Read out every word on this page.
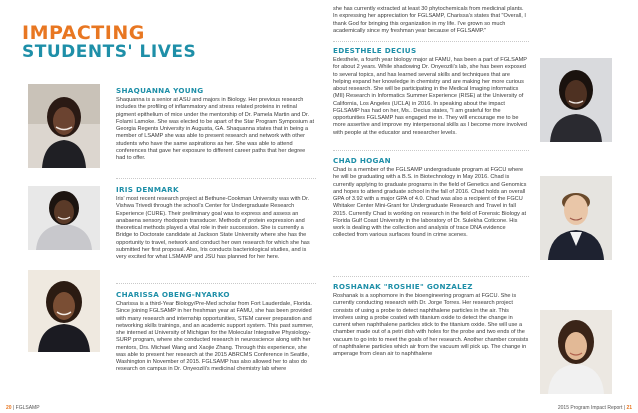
IMPACTING
STUDENTS' LIVES
SHAQUANNA YOUNG

Shaquanna is a senior at ASU and majors in Biology. Her previous research includes the profiling of inflammatory and stress related proteins in retinal pigment epithelium of mice under the mentorship of Dr. Pamela Martin and Dr. Folami Lamoke. She was elected to be apart of the Star Program Symposium at Georgia Regents University in Augusta, GA. Shaquanna states that in being a member of LSAMP she was able to present research and network with other students who have the same aspirations as her. She was able to attend conferences that gave her exposure to different career paths that her degree had to offer.

IRIS DENMARK

Iris' most recent research project at Bethune-Cookman University was with Dr. Vishwa Trivedi through the school's Center for Undergraduate Research Experience (CURE). Their preliminary goal was to express and assess an anabaena sensory rhodopsin transducer. Methods of protein expression and theoretical methods played a vital role in their succession. She is currently a Bridge to Doctorate candidate at Jackson State University where she has the opportunity to travel, network and conduct her own research for which she has submitted her first proposal. Also, Iris conducts bacteriological studies, and is very excited for what LSMAMP and JSU has planned for her here.

CHARISSA OBENG-NYARKO

Charissa is a third-Year Biology/Pre-Med scholar from Fort Lauderdale, Florida. Since joining FGLSAMP in her freshman year at FAMU, she has been provided with many research and internship opportunities, STEM career preparation and networking skills trainings, and an academic support system. This past summer, she interned at University of Michigan for the Molecular Integrative Physiology-SURP program, where she conducted research in neuroscience along with her mentors, Drs. Michael Wang and Xaojie Zhang. Through this experience, she was able to present her research at the 2015 ABRCMS Conference in Seattle, Washington in November of 2015. FGLSAMP has also allowed her to also do research on campus in Dr. Onyeozili's medicinal chemistry lab where

she has currently extracted at least 30 phytochemicals from medicinal plants. In expressing her appreciation for FGLSAMP, Charissa's states that "Overall, I thank God for bringing this organization in my life. I've grown so much academically since my freshman year because of FGLSAMP."

EDESTHELE DECIUS

Edesthele, a fourth year biology major at FAMU, has been a part of FGLSAMP for about 2 years. While shadowing Dr. Onyeozili's lab, she has been exposed to several topics, and has learned several skills and techniques that are helping expand her knowledge in chemistry and are making her more curious about research. She will be participating in the Medical Imaging informatics (MII) Research in Informatics Summer Experience (RISE) at the University of California, Los Angeles (UCLA) in 2016. In speaking about the impact FGLSAMP has had on her, Ms.. Decius states, "I am grateful for the opportunities FGLSAMP has engaged me in. They will encourage me to be more assertive and improve my interpersonal skills as I become more involved with people at the educator and researcher levels.

CHAD HOGAN

Chad is a member of the FGLSAMP undergraduate program at FGCU where he will be graduating with a B.S. in Biotechnology in May 2016. Chad is currently applying to graduate programs in the field of Genetics and Genomics and hopes to attend graduate school in the fall of 2016. Chad holds an overall GPA of 3.92 with a major GPA of 4.0. Chad was also a recipient of the FGCU Whitaker Center Mini-Grant for Undergraduate Research and Travel in fall 2015. Currently Chad is working on research in the field of Forensic Biology at Florida Gulf Coast University in the laboratory of Dr. Sulekha Coticone. His work is dealing with the collection and analysis of trace DNA evidence collected from various surfaces found in crime scenes.

ROSHANAK "ROSHIE" GONZALEZ

Roshanak is a sophomore in the bioengineering program at FGCU. She is currently conducting research with Dr. Jorge Torres. Her research project consists of using a probe to detect naphthalene particles in the air. This involves using a probe coated with titanium oxide to detect the change in current when naphthalene particles stick to the titanium oxide. She will use a chamber made out of a petri dish with holes for the probe and two ends of the vacuum to go into to meet the goals of her research. Another chamber consists of naphthalene particles which air from the vacuum will pick up. The change in amperage from clean air to naphthalene

20 | FGLSAMP	2015 Program Impact Report | 21
